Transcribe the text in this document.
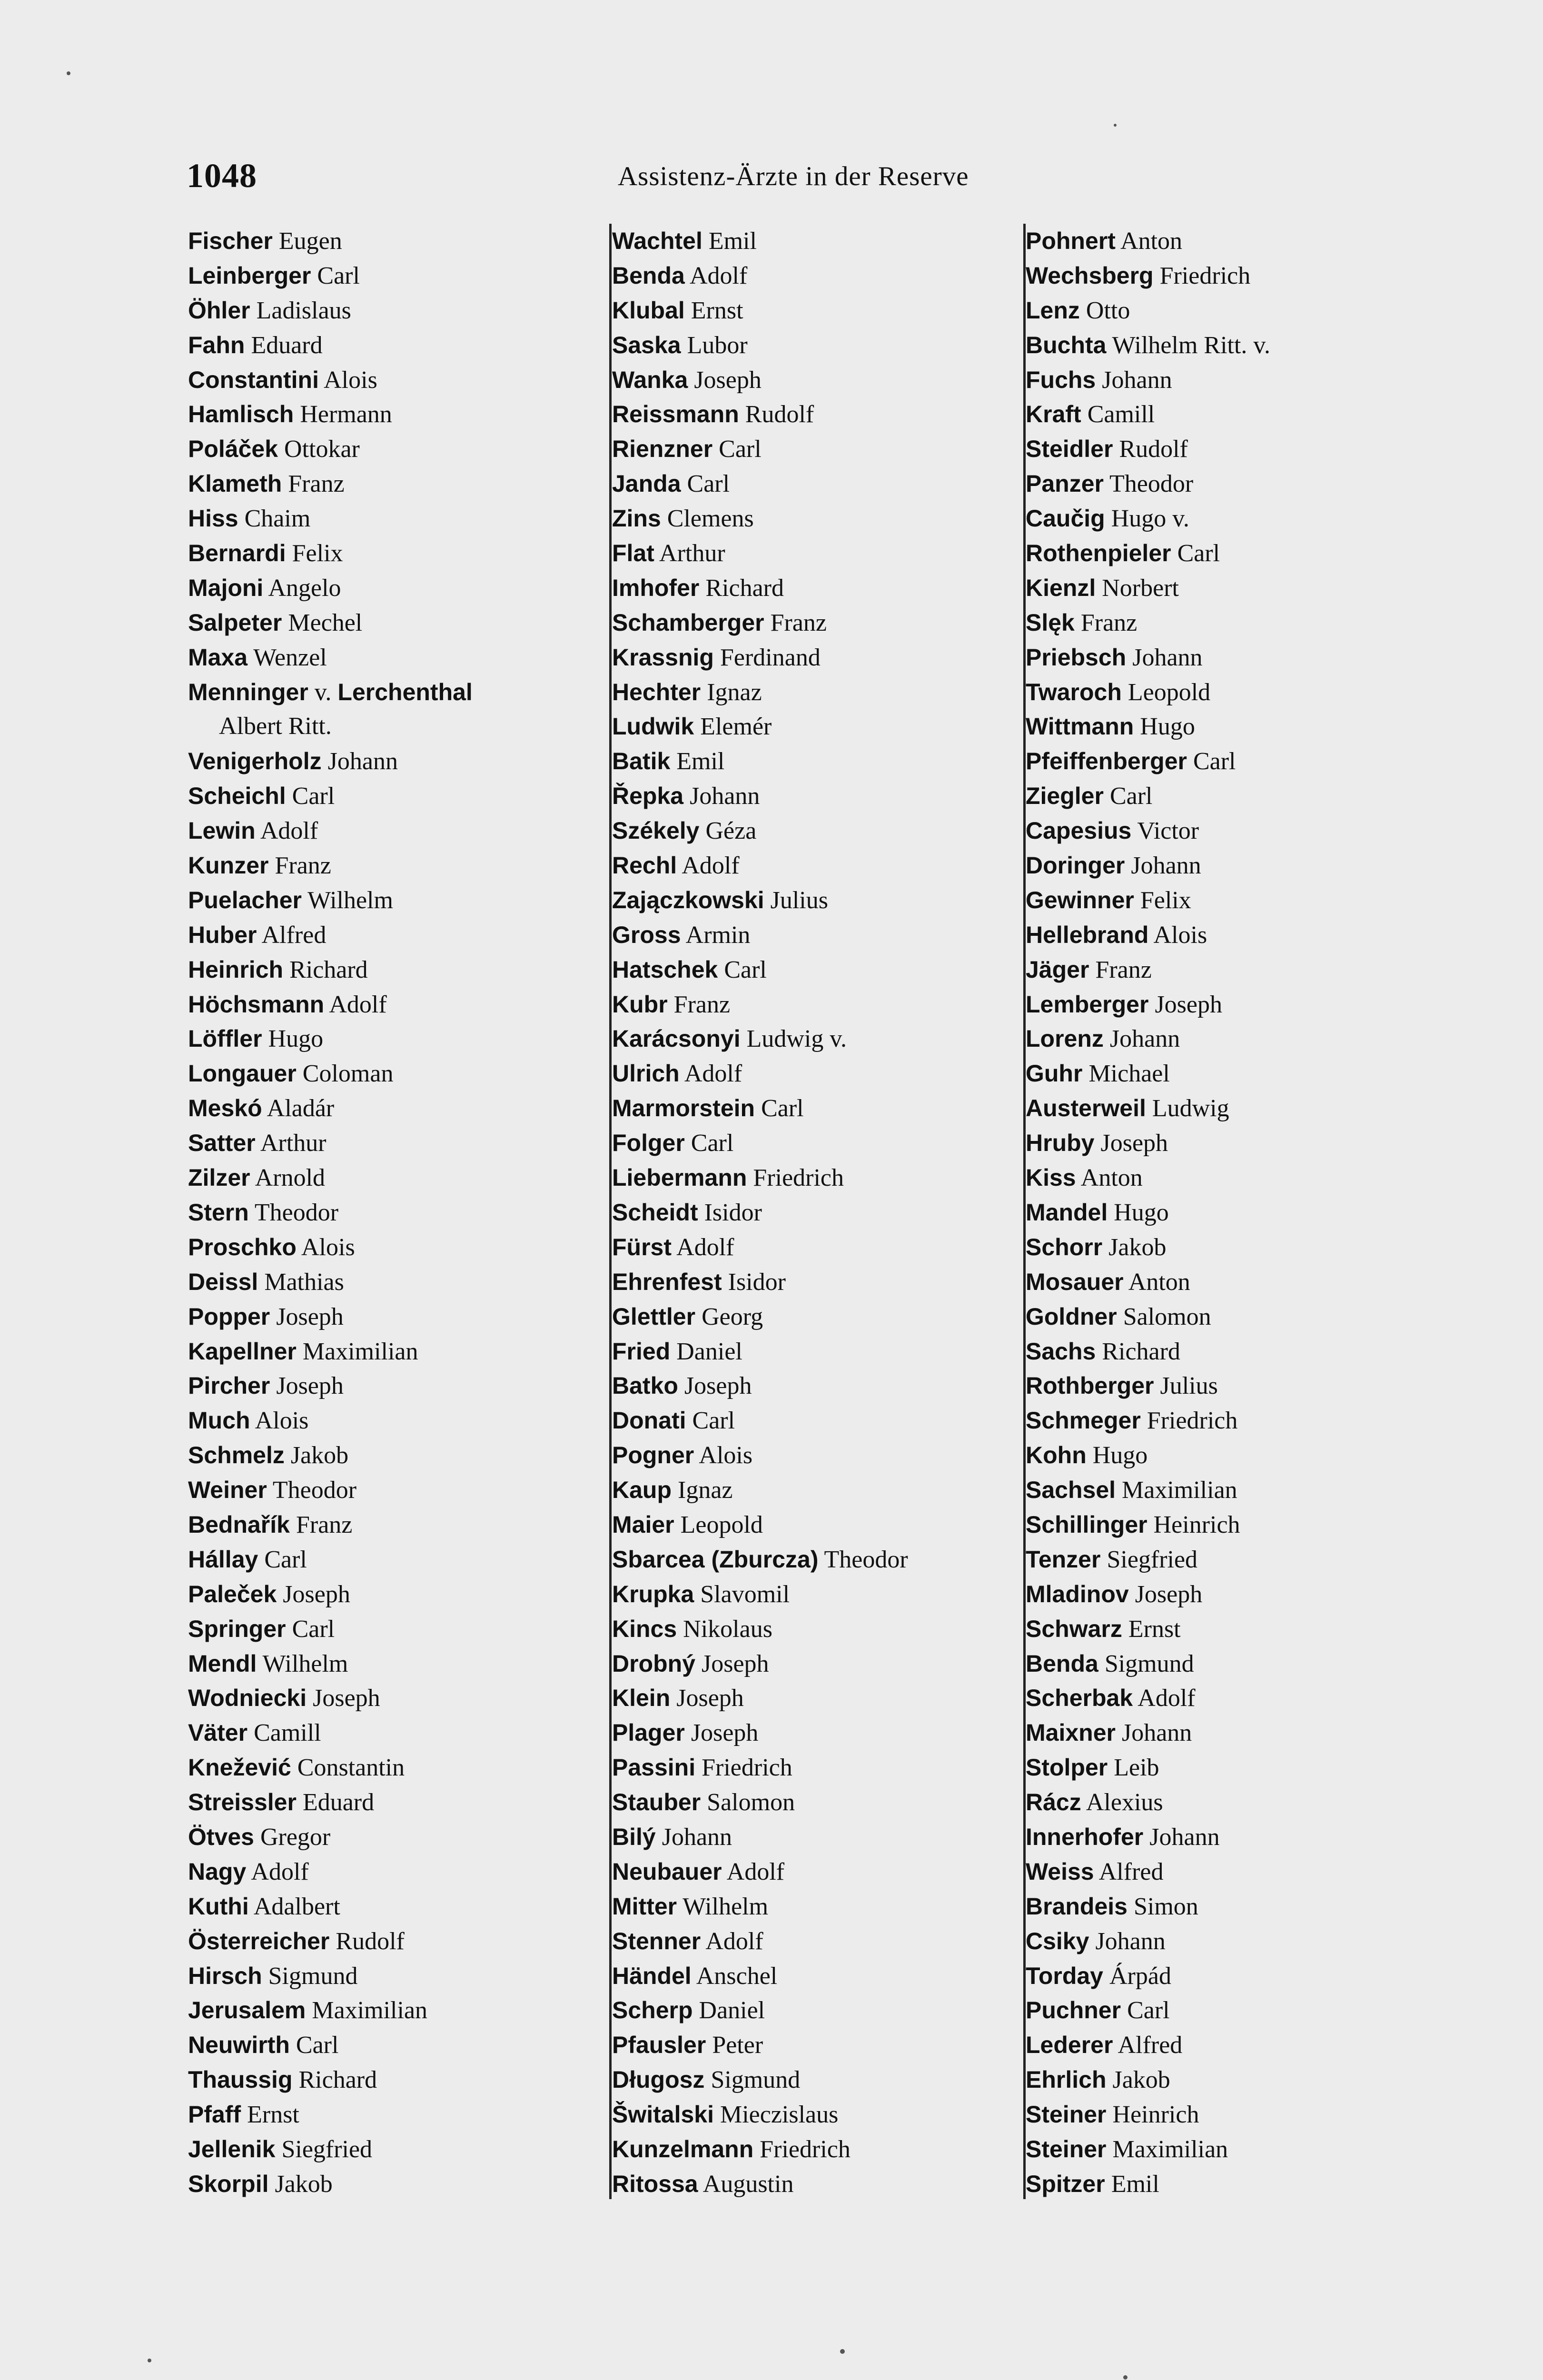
1048	Assistenz-Ärzte in der Reserve
Fischer Eugen
Leinberger Carl
Öhler Ladislaus
Fahn Eduard
Constantini Alois
Hamlisch Hermann
Poláček Ottokar
Klameth Franz
Hiss Chaim
Bernardi Felix
Majoni Angelo
Salpeter Mechel
Maxa Wenzel
Menninger v. Lerchenthal
Albert Ritt.
Venigerholz Johann
Scheichl Carl
Lewin Adolf
Kunzer Franz
Puelacher Wilhelm
Huber Alfred
Heinrich Richard
Höchsmann Adolf
Löffler Hugo
Longauer Coloman
Meskó Aladár
Satter Arthur
Zilzer Arnold
Stern Theodor
Proschko Alois
Deissl Mathias
Popper Joseph
Kapellner Maximilian
Pircher Joseph
Much Alois
Schmelz Jakob
Weiner Theodor
Bednařík Franz
Hállay Carl
Paleček Joseph
Springer Carl
Mendl Wilhelm
Wodniecki Joseph
Väter Camill
Knežević Constantin
Streissler Eduard
Ötves Gregor
Nagy Adolf
Kuthi Adalbert
Österreicher Rudolf
Hirsch Sigmund
Jerusalem Maximilian
Neuwirth Carl
Thaussig Richard
Pfaff Ernst
Jellenik Siegfried
Skorpil Jakob
Wachtel Emil
Benda Adolf
Klubal Ernst
Saska Lubor
Wanka Joseph
Reissmann Rudolf
Rienzner Carl
Janda Carl
Zins Clemens
Flat Arthur
Imhofer Richard
Schamberger Franz
Krassnig Ferdinand
Hechter Ignaz
Ludwik Elemér
Batik Emil
Řepka Johann
Székely Géza
Rechl Adolf
Zajączkowski Julius
Gross Armin
Hatschek Carl
Kubr Franz
Karácsonyi Ludwig v.
Ulrich Adolf
Marmorstein Carl
Folger Carl
Liebermann Friedrich
Scheidt Isidor
Fürst Adolf
Ehrenfest Isidor
Glettler Georg
Fried Daniel
Batko Joseph
Donati Carl
Pogner Alois
Kaup Ignaz
Maier Leopold
Sbarcea (Zburcza) Theodor
Krupka Slavomil
Kincs Nikolaus
Drobný Joseph
Klein Joseph
Plager Joseph
Passini Friedrich
Stauber Salomon
Bilý Johann
Neubauer Adolf
Mitter Wilhelm
Stenner Adolf
Händel Anschel
Scherp Daniel
Pfausler Peter
Długosz Sigmund
Šwitalski Mieczislaus
Kunzelmann Friedrich
Ritossa Augustin
Pohnert Anton
Wechsberg Friedrich
Lenz Otto
Buchta Wilhelm Ritt. v.
Fuchs Johann
Kraft Camill
Steidler Rudolf
Panzer Theodor
Caučig Hugo v.
Rothenpieler Carl
Kienzl Norbert
Slęk Franz
Priebsch Johann
Twaroch Leopold
Wittmann Hugo
Pfeiffenberger Carl
Ziegler Carl
Capesius Victor
Doringer Johann
Gewinner Felix
Hellebrand Alois
Jäger Franz
Lemberger Joseph
Lorenz Johann
Guhr Michael
Austerweil Ludwig
Hruby Joseph
Kiss Anton
Mandel Hugo
Schorr Jakob
Mosauer Anton
Goldner Salomon
Sachs Richard
Rothberger Julius
Schmeger Friedrich
Kohn Hugo
Sachsel Maximilian
Schillinger Heinrich
Tenzer Siegfried
Mladinov Joseph
Schwarz Ernst
Benda Sigmund
Scherbak Adolf
Maixner Johann
Stolper Leib
Rácz Alexius
Innerhofer Johann
Weiss Alfred
Brandeis Simon
Csiky Johann
Torday Árpád
Puchner Carl
Lederer Alfred
Ehrlich Jakob
Steiner Heinrich
Steiner Maximilian
Spitzer Emil
